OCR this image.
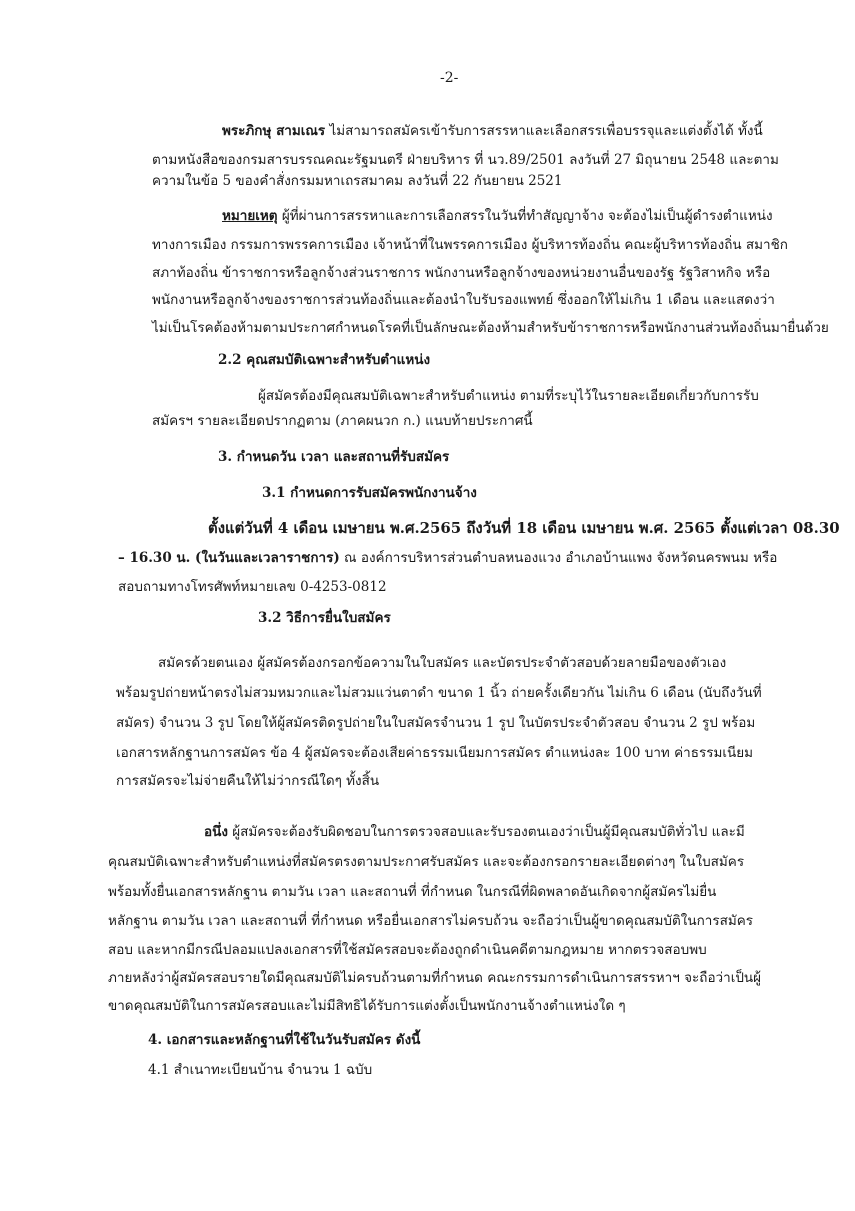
-2-
พระภิกษุ สามเณร ไม่สามารถสมัครเข้ารับการสรรหาและเลือกสรรเพื่อบรรจุและแต่งตั้งได้ ทั้งนี้
ตามหนังสือของกรมสารบรรณคณะรัฐมนตรี ฝ่ายบริหาร ที่ นว.89/2501 ลงวันที่ 27 มิถุนายน 2548 และตาม
ความในข้อ 5 ของคำสั่งกรมมหาเถรสมาคม ลงวันที่ 22 กันยายน 2521
หมายเหตุ ผู้ที่ผ่านการสรรหาและการเลือกสรรในวันที่ทำสัญญาจ้าง จะต้องไม่เป็นผู้ดำรงตำแหน่ง
ทางการเมือง กรรมการพรรคการเมือง เจ้าหน้าที่ในพรรคการเมือง ผู้บริหารท้องถิ่น คณะผู้บริหารท้องถิ่น สมาชิก
สภาท้องถิ่น ข้าราชการหรือลูกจ้างส่วนราชการ พนักงานหรือลูกจ้างของหน่วยงานอื่นของรัฐ รัฐวิสาหกิจ หรือ
พนักงานหรือลูกจ้างของราชการส่วนท้องถิ่นและต้องนำใบรับรองแพทย์ ซึ่งออกให้ไม่เกิน 1 เดือน และแสดงว่า
ไม่เป็นโรคต้องห้ามตามประกาศกำหนดโรคที่เป็นลักษณะต้องห้ามสำหรับข้าราชการหรือพนักงานส่วนท้องถิ่นมายื่นด้วย
2.2 คุณสมบัติเฉพาะสำหรับตำแหน่ง
ผู้สมัครต้องมีคุณสมบัติเฉพาะสำหรับตำแหน่ง ตามที่ระบุไว้ในรายละเอียดเกี่ยวกับการรับ
สมัครฯ รายละเอียดปรากฏตาม (ภาคผนวก ก.) แนบท้ายประกาศนี้
3. กำหนดวัน เวลา และสถานที่รับสมัคร
3.1 กำหนดการรับสมัครพนักงานจ้าง
ตั้งแต่วันที่ 4 เดือน เมษายน พ.ศ.2565 ถึงวันที่ 18 เดือน เมษายน พ.ศ. 2565 ตั้งแต่เวลา 08.30
– 16.30 น. (ในวันและเวลาราชการ) ณ องค์การบริหารส่วนตำบลหนองแวง อำเภอบ้านแพง จังหวัดนครพนม หรือ
สอบถามทางโทรศัพท์หมายเลข 0-4253-0812
3.2 วิธีการยื่นใบสมัคร
สมัครด้วยตนเอง ผู้สมัครต้องกรอกข้อความในใบสมัคร และบัตรประจำตัวสอบด้วยลายมือของตัวเอง
พร้อมรูปถ่ายหน้าตรงไม่สวมหมวกและไม่สวมแว่นตาดำ ขนาด 1 นิ้ว ถ่ายครั้งเดียวกัน ไม่เกิน 6 เดือน (นับถึงวันที่
สมัคร) จำนวน 3 รูป โดยให้ผู้สมัครติดรูปถ่ายในใบสมัครจำนวน 1 รูป ในบัตรประจำตัวสอบ จำนวน 2 รูป พร้อม
เอกสารหลักฐานการสมัคร ข้อ 4 ผู้สมัครจะต้องเสียค่าธรรมเนียมการสมัคร ตำแหน่งละ 100 บาท ค่าธรรมเนียม
การสมัครจะไม่จ่ายคืนให้ไม่ว่ากรณีใดๆ ทั้งสิ้น
อนึ่ง ผู้สมัครจะต้องรับผิดชอบในการตรวจสอบและรับรองตนเองว่าเป็นผู้มีคุณสมบัติทั่วไป และมี
คุณสมบัติเฉพาะสำหรับตำแหน่งที่สมัครตรงตามประกาศรับสมัคร และจะต้องกรอกรายละเอียดต่างๆ ในใบสมัคร
พร้อมทั้งยื่นเอกสารหลักฐาน ตามวัน เวลา และสถานที่ ที่กำหนด ในกรณีที่ผิดพลาดอันเกิดจากผู้สมัครไม่ยื่น
หลักฐาน ตามวัน เวลา และสถานที่ ที่กำหนด หรือยื่นเอกสารไม่ครบถ้วน จะถือว่าเป็นผู้ขาดคุณสมบัติในการสมัคร
สอบ และหากมีกรณีปลอมแปลงเอกสารที่ใช้สมัครสอบจะต้องถูกดำเนินคดีตามกฎหมาย หากตรวจสอบพบ
ภายหลังว่าผู้สมัครสอบรายใดมีคุณสมบัติไม่ครบถ้วนตามที่กำหนด คณะกรรมการดำเนินการสรรหาฯ จะถือว่าเป็นผู้
ขาดคุณสมบัติในการสมัครสอบและไม่มีสิทธิได้รับการแต่งตั้งเป็นพนักงานจ้างตำแหน่งใด ๆ
4. เอกสารและหลักฐานที่ใช้ในวันรับสมัคร ดังนี้
4.1 สำเนาทะเบียนบ้าน จำนวน 1 ฉบับ
